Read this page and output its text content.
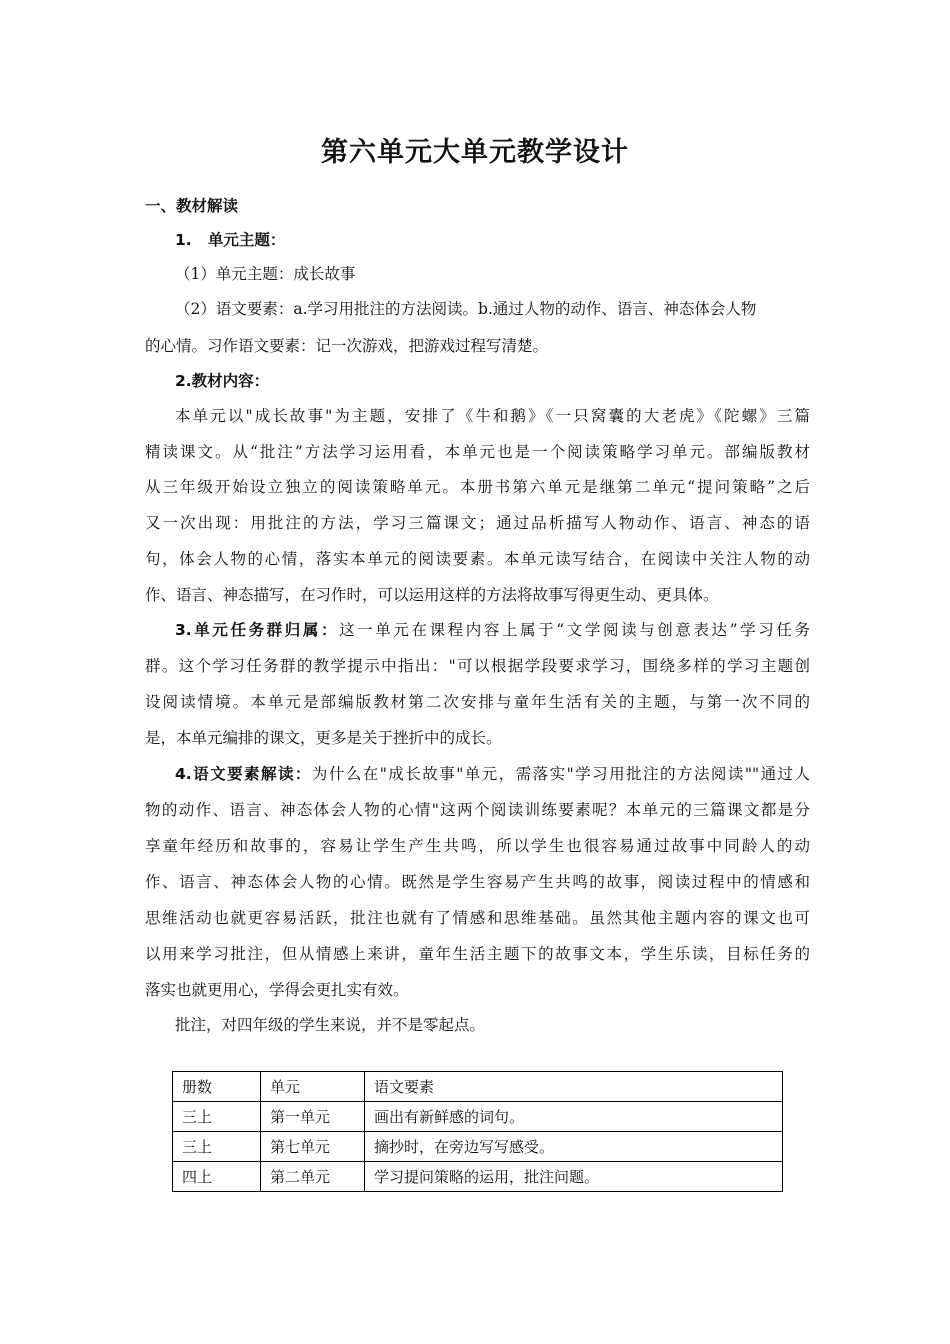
第六单元大单元教学设计
一、教材解读
1.   单元主题：
（1）单元主题：成长故事
（2）语文要素：a.学习用批注的方法阅读。b.通过人物的动作、语言、神态体会人物
的心情。习作语文要素：记一次游戏，把游戏过程写清楚。
2.教材内容：
本单元以"成长故事"为主题，安排了《牛和鹅》《一只窝囊的大老虎》《陀螺》三篇
精读课文。从“批注”方法学习运用看，本单元也是一个阅读策略学习单元。部编版教材
从三年级开始设立独立的阅读策略单元。本册书第六单元是继第二单元“提问策略”之后
又一次出现：用批注的方法，学习三篇课文；通过品析描写人物动作、语言、神态的语
句，体会人物的心情，落实本单元的阅读要素。本单元读写结合，在阅读中关注人物的动
作、语言、神态描写，在习作时，可以运用这样的方法将故事写得更生动、更具体。
3.单元任务群归属：这一单元在课程内容上属于“文学阅读与创意表达”学习任务
群。这个学习任务群的教学提示中指出："可以根据学段要求学习，围绕多样的学习主题创
设阅读情境。本单元是部编版教材第二次安排与童年生活有关的主题，与第一次不同的
是，本单元编排的课文，更多是关于挫折中的成长。
4.语文要素解读：为什么在"成长故事"单元，需落实"学习用批注的方法阅读""通过人
物的动作、语言、神态体会人物的心情"这两个阅读训练要素呢？本单元的三篇课文都是分
享童年经历和故事的，容易让学生产生共鸣，所以学生也很容易通过故事中同龄人的动
作、语言、神态体会人物的心情。既然是学生容易产生共鸣的故事，阅读过程中的情感和
思维活动也就更容易活跃，批注也就有了情感和思维基础。虽然其他主题内容的课文也可
以用来学习批注，但从情感上来讲，童年生活主题下的故事文本，学生乐读，目标任务的
落实也就更用心，学得会更扎实有效。
批注，对四年级的学生来说，并不是零起点。
册数	单元	语文要素
三上	第一单元	画出有新鲜感的词句。
三上	第七单元	摘抄时，在旁边写写感受。
四上	第二单元	学习提问策略的运用，批注问题。
